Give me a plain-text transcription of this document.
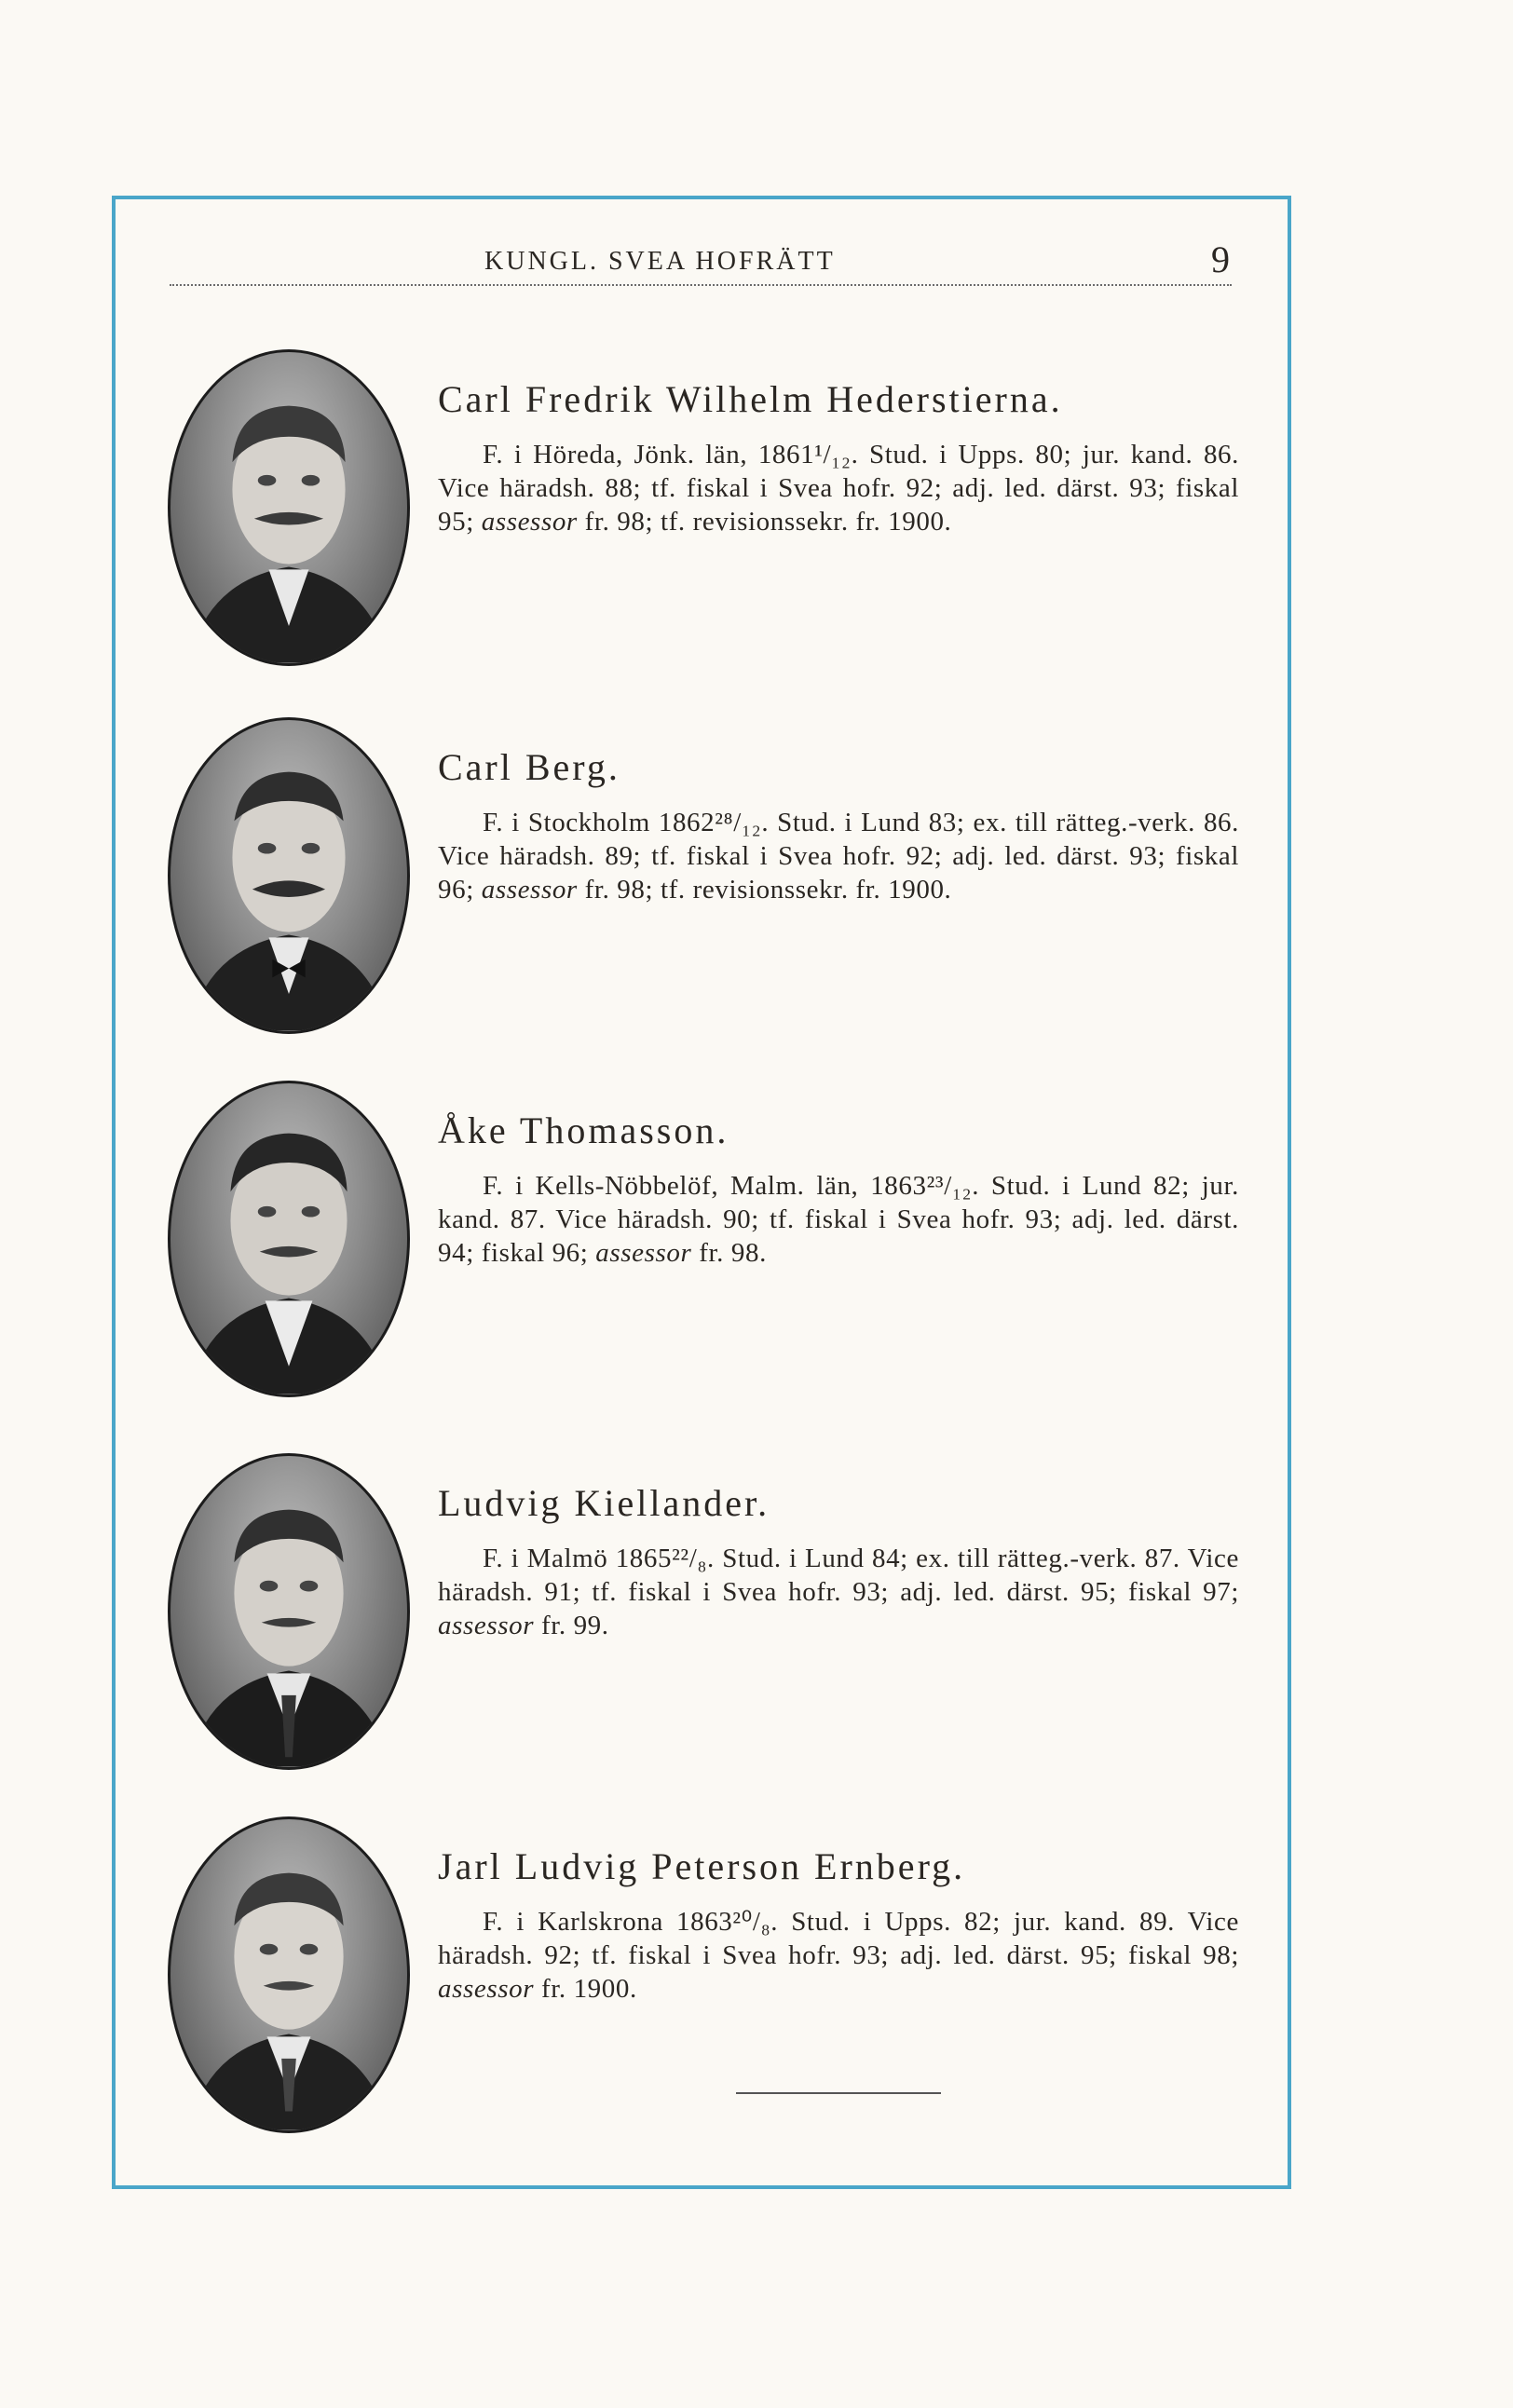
KUNGL. SVEA HOFRÄTT	9
Carl Fredrik Wilhelm Hederstierna.

F. i Höreda, Jönk. län, 1861¹/₁₂. Stud. i Upps. 80; jur. kand. 86. Vice häradsh. 88; tf. fiskal i Svea hofr. 92; adj. led. därst. 93; fiskal 95; assessor fr. 98; tf. revisionssekr. fr. 1900.

Carl Berg.

F. i Stockholm 1862²⁸/₁₂. Stud. i Lund 83; ex. till rätteg.-verk. 86. Vice häradsh. 89; tf. fiskal i Svea hofr. 92; adj. led. därst. 93; fiskal 96; assessor fr. 98; tf. revisionssekr. fr. 1900.

Åke Thomasson.

F. i Kells-Nöbbelöf, Malm. län, 1863²³/₁₂. Stud. i Lund 82; jur. kand. 87. Vice häradsh. 90; tf. fiskal i Svea hofr. 93; adj. led. därst. 94; fiskal 96; assessor fr. 98.

Ludvig Kiellander.

F. i Malmö 1865²²/₈. Stud. i Lund 84; ex. till rätteg.-verk. 87. Vice häradsh. 91; tf. fiskal i Svea hofr. 93; adj. led. därst. 95; fiskal 97; assessor fr. 99.

Jarl Ludvig Peterson Ernberg.

F. i Karlskrona 1863²⁰/₈. Stud. i Upps. 82; jur. kand. 89. Vice häradsh. 92; tf. fiskal i Svea hofr. 93; adj. led. därst. 95; fiskal 98; assessor fr. 1900.
